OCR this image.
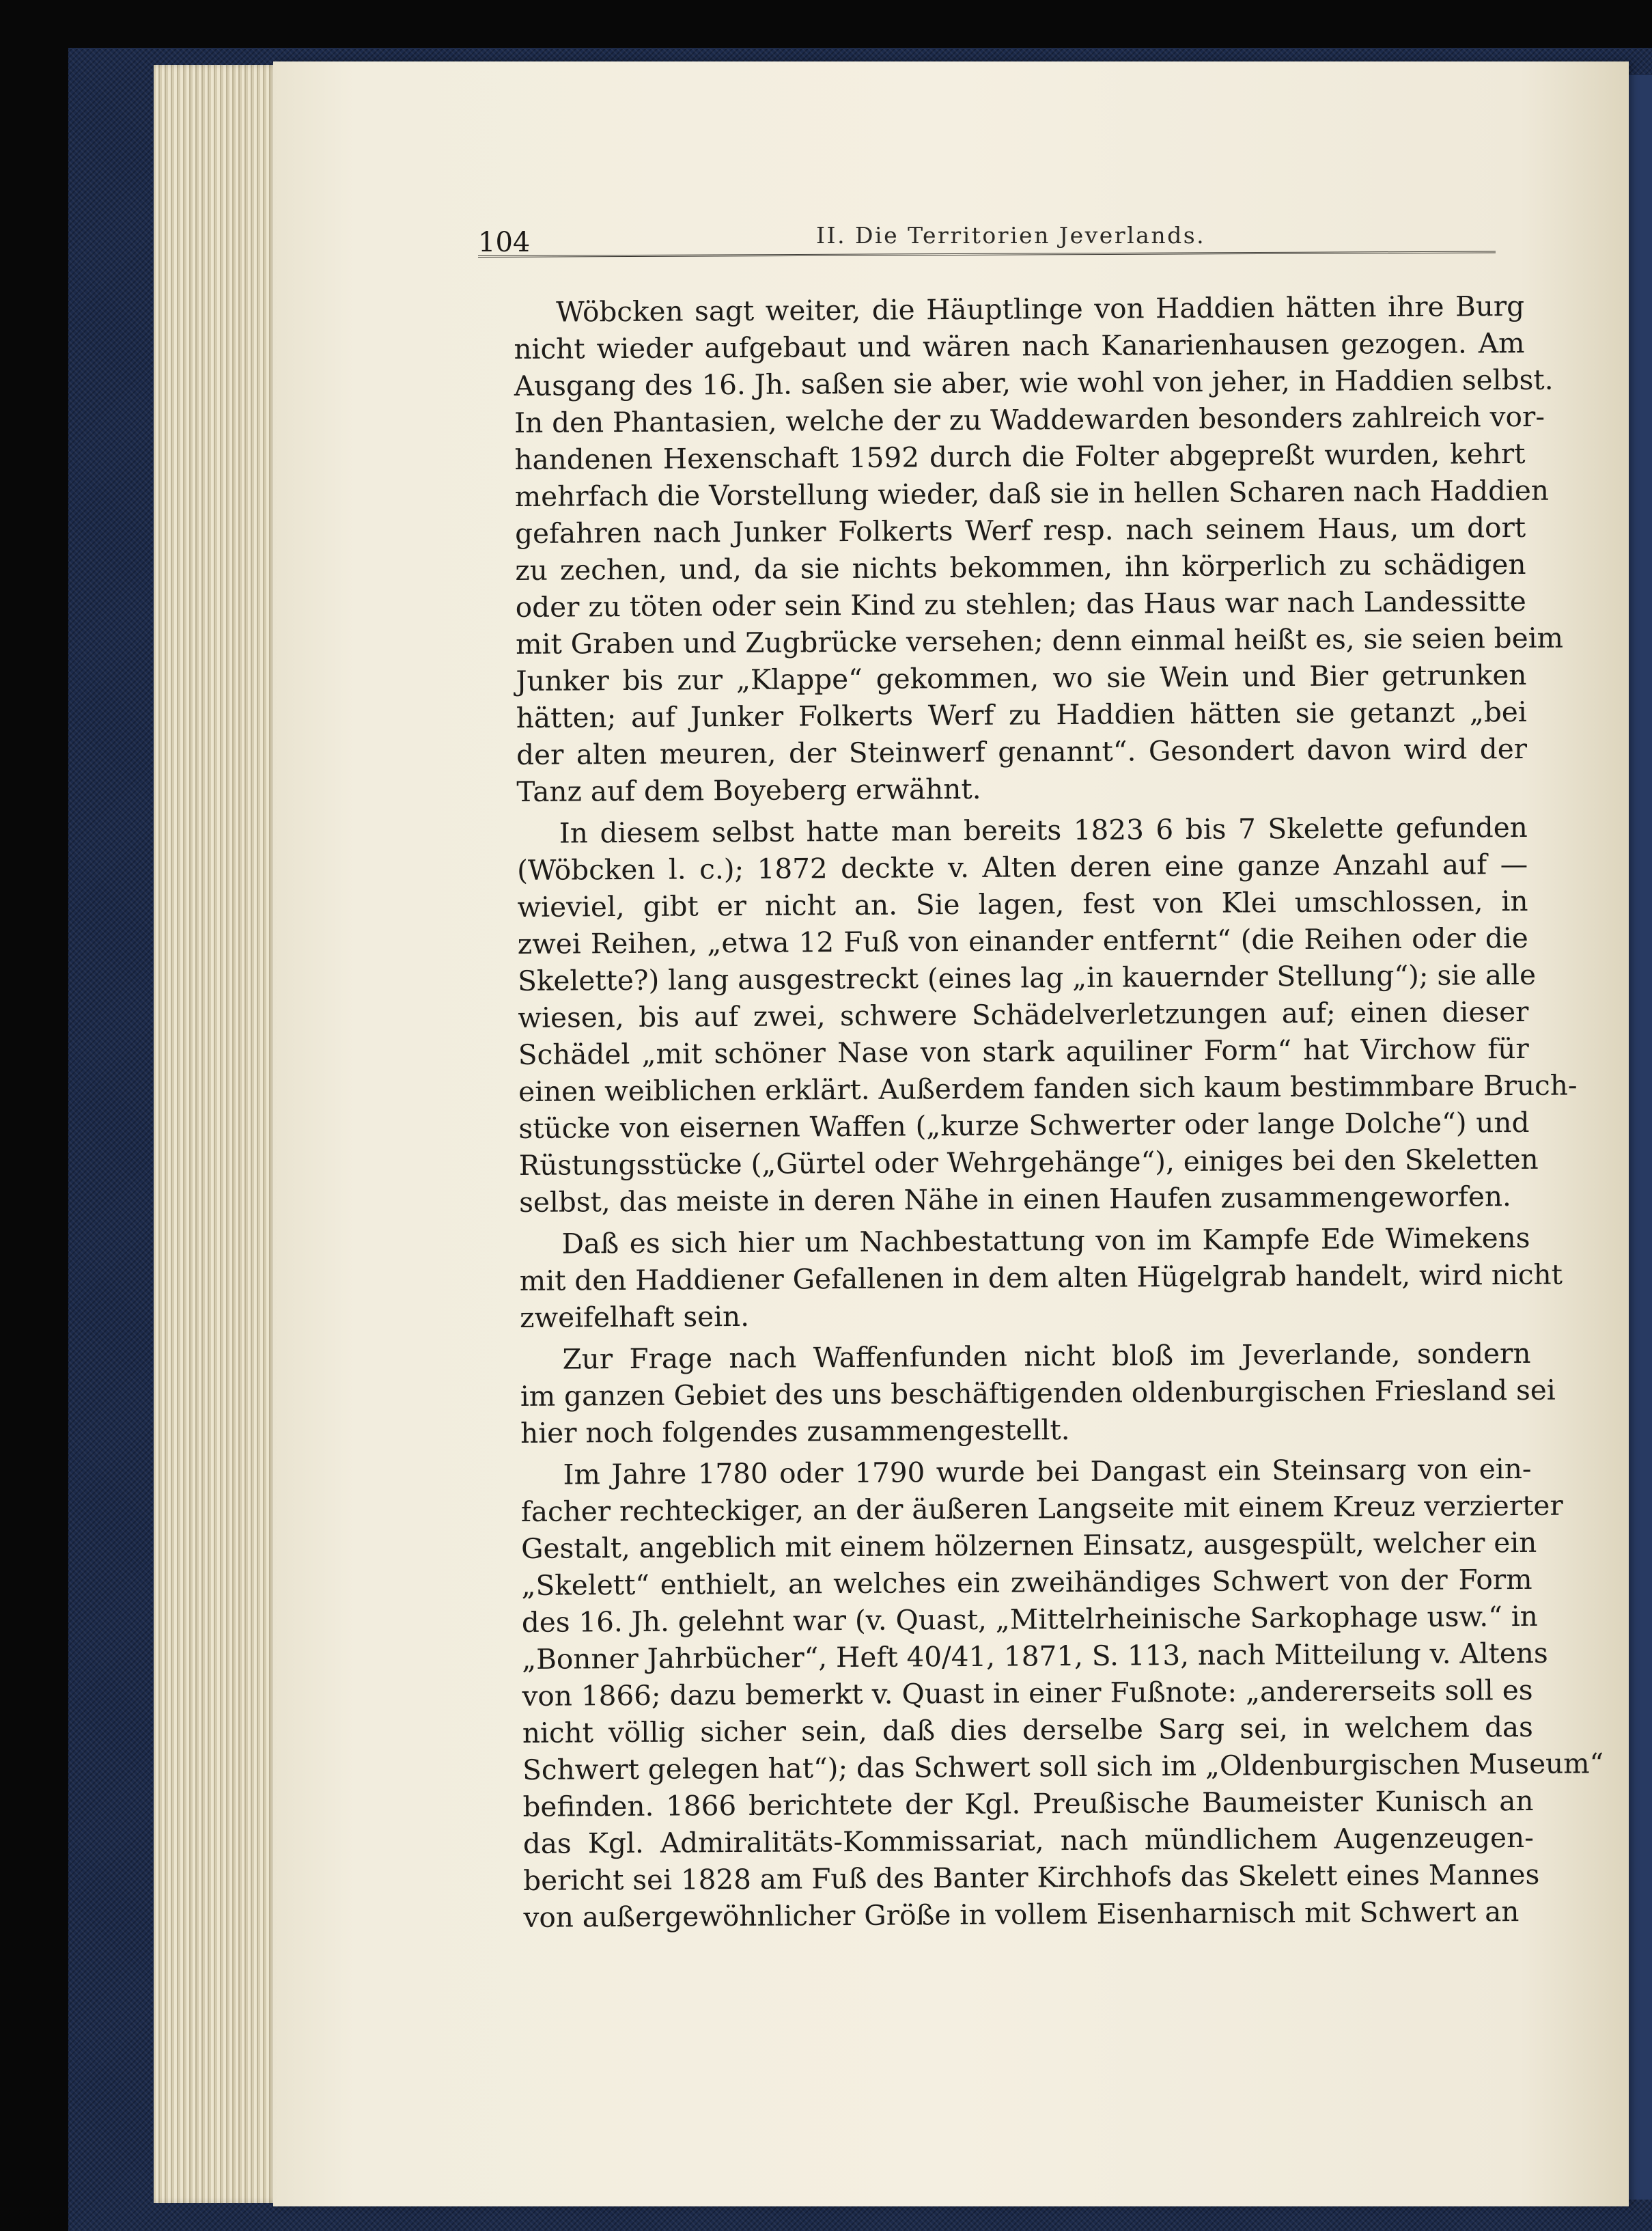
104	II. Die Territorien Jeverlands.
Wöbcken sagt weiter, die Häuptlinge von Haddien hätten ihre Burg
nicht wieder aufgebaut und wären nach Kanarienhausen gezogen. Am
Ausgang des 16. Jh. saßen sie aber, wie wohl von jeher, in Haddien selbst.
In den Phantasien, welche der zu Waddewarden besonders zahlreich vor-
handenen Hexenschaft 1592 durch die Folter abgepreßt wurden, kehrt
mehrfach die Vorstellung wieder, daß sie in hellen Scharen nach Haddien
gefahren nach Junker Folkerts Werf resp. nach seinem Haus, um dort
zu zechen, und, da sie nichts bekommen, ihn körperlich zu schädigen
oder zu töten oder sein Kind zu stehlen; das Haus war nach Landessitte
mit Graben und Zugbrücke versehen; denn einmal heißt es, sie seien beim
Junker bis zur „Klappe“ gekommen, wo sie Wein und Bier getrunken
hätten; auf Junker Folkerts Werf zu Haddien hätten sie getanzt „bei
der alten meuren, der Steinwerf genannt“. Gesondert davon wird der
Tanz auf dem Boyeberg erwähnt.
In diesem selbst hatte man bereits 1823 6 bis 7 Skelette gefunden
(Wöbcken l. c.); 1872 deckte v. Alten deren eine ganze Anzahl auf —
wieviel, gibt er nicht an. Sie lagen, fest von Klei umschlossen, in
zwei Reihen, „etwa 12 Fuß von einander entfernt“ (die Reihen oder die
Skelette?) lang ausgestreckt (eines lag „in kauernder Stellung“); sie alle
wiesen, bis auf zwei, schwere Schädelverletzungen auf; einen dieser
Schädel „mit schöner Nase von stark aquiliner Form“ hat Virchow für
einen weiblichen erklärt. Außerdem fanden sich kaum bestimmbare Bruch-
stücke von eisernen Waffen („kurze Schwerter oder lange Dolche“) und
Rüstungsstücke („Gürtel oder Wehrgehänge“), einiges bei den Skeletten
selbst, das meiste in deren Nähe in einen Haufen zusammengeworfen.
Daß es sich hier um Nachbestattung von im Kampfe Ede Wimekens
mit den Haddiener Gefallenen in dem alten Hügelgrab handelt, wird nicht
zweifelhaft sein.
Zur Frage nach Waffenfunden nicht bloß im Jeverlande, sondern
im ganzen Gebiet des uns beschäftigenden oldenburgischen Friesland sei
hier noch folgendes zusammengestellt.
Im Jahre 1780 oder 1790 wurde bei Dangast ein Steinsarg von ein-
facher rechteckiger, an der äußeren Langseite mit einem Kreuz verzierter
Gestalt, angeblich mit einem hölzernen Einsatz, ausgespült, welcher ein
„Skelett“ enthielt, an welches ein zweihändiges Schwert von der Form
des 16. Jh. gelehnt war (v. Quast, „Mittelrheinische Sarkophage usw.“ in
„Bonner Jahrbücher“, Heft 40/41, 1871, S. 113, nach Mitteilung v. Altens
von 1866; dazu bemerkt v. Quast in einer Fußnote: „andererseits soll es
nicht völlig sicher sein, daß dies derselbe Sarg sei, in welchem das
Schwert gelegen hat“); das Schwert soll sich im „Oldenburgischen Museum“
befinden. 1866 berichtete der Kgl. Preußische Baumeister Kunisch an
das Kgl. Admiralitäts-Kommissariat, nach mündlichem Augenzeugen-
bericht sei 1828 am Fuß des Banter Kirchhofs das Skelett eines Mannes
von außergewöhnlicher Größe in vollem Eisenharnisch mit Schwert an
